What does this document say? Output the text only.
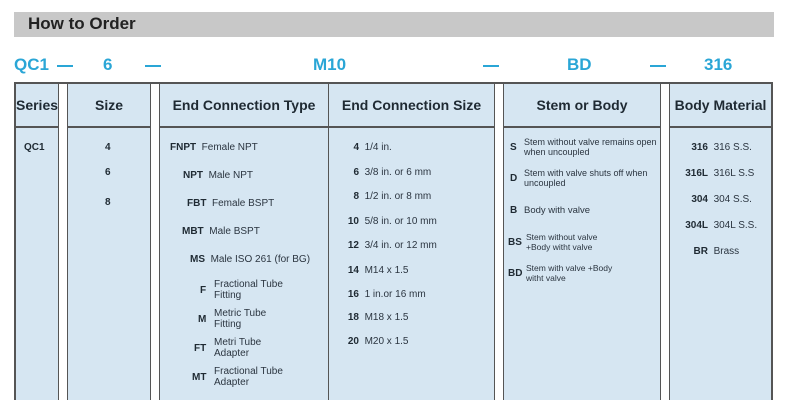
How to Order
QC1	6	M10	BD	316
Series
QC1
Size
4
6
8
End Connection Type
FNPT Female NPT
NPT Male NPT
FBT Female BSPT
MBT Male BSPT
MS Male ISO 261 (for BG)
F Fractional Tube Fitting
M Metric Tube Fitting
FT Metri Tube Adapter
MT Fractional Tube Adapter
End Connection Size
4 1/4 in.
6 3/8 in. or 6 mm
8 1/2 in. or 8 mm
10 5/8 in. or 10 mm
12 3/4 in. or 12 mm
14 M14 x 1.5
16 1 in.or 16 mm
18 M18 x 1.5
20 M20 x 1.5
Stem or Body
S Stem without valve remains open when uncoupled
D Stem with valve shuts off when uncoupled
B Body with valve
BS Stem without valve +Body witht valve
BD Stem with valve +Body witht valve
Body Material
316 316 S.S.
316L 316L S.S
304 304 S.S.
304L 304L S.S.
BR Brass
